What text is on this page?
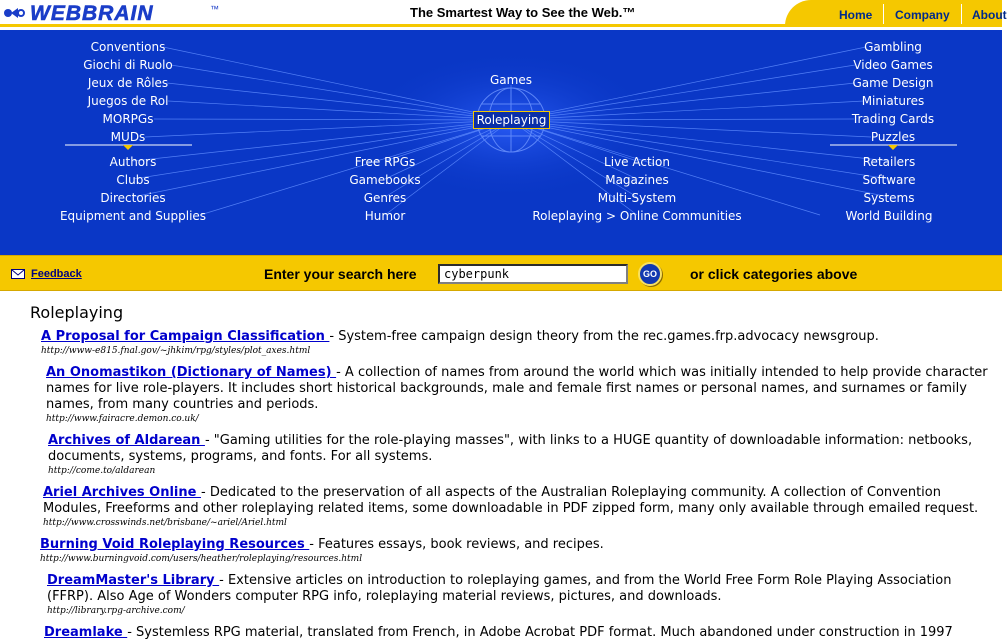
WEBBRAIN	™	The Smartest Way to See the Web.™	Home Company About
Conventions
Giochi di Ruolo
Jeux de Rôles
Juegos de Rol
MORPGs
MUDs
Gambling
Video Games
Game Design
Miniatures
Trading Cards
Puzzles
Games
Roleplaying
Authors
Clubs
Directories
Equipment and Supplies
Free RPGs
Gamebooks
Genres
Humor
Live Action
Magazines
Multi-System
Roleplaying > Online Communities
Retailers
Software
Systems
World Building
Feedback	Enter your search here
cyberpunk	GO	or click categories above
Roleplaying
A Proposal for Campaign Classification - System-free campaign design theory from the rec.games.frp.advocacy newsgroup.
http://www-e815.fnal.gov/~jhkim/rpg/styles/plot_axes.html
An Onomastikon (Dictionary of Names) - A collection of names from around the world which was initially intended to help provide character names for live role-players. It includes short historical backgrounds, male and female first names or personal names, and surnames or family names, from many countries and periods.
http://www.fairacre.demon.co.uk/
Archives of Aldarean - "Gaming utilities for the role-playing masses", with links to a HUGE quantity of downloadable information: netbooks, documents, systems, programs, and fonts. For all systems.
http://come.to/aldarean
Ariel Archives Online - Dedicated to the preservation of all aspects of the Australian Roleplaying community. A collection of Convention Modules, Freeforms and other roleplaying related items, some downloadable in PDF zipped form, many only available through emailed request.
http://www.crosswinds.net/brisbane/~ariel/Ariel.html
Burning Void Roleplaying Resources - Features essays, book reviews, and recipes.
http://www.burningvoid.com/users/heather/roleplaying/resources.html
DreamMaster's Library - Extensive articles on introduction to roleplaying games, and from the World Free Form Role Playing Association (FFRP). Also Age of Wonders computer RPG info, roleplaying material reviews, pictures, and downloads.
http://library.rpg-archive.com/
Dreamlake - Systemless RPG material, translated from French, in Adobe Acrobat PDF format. Much abandoned under construction in 1997
